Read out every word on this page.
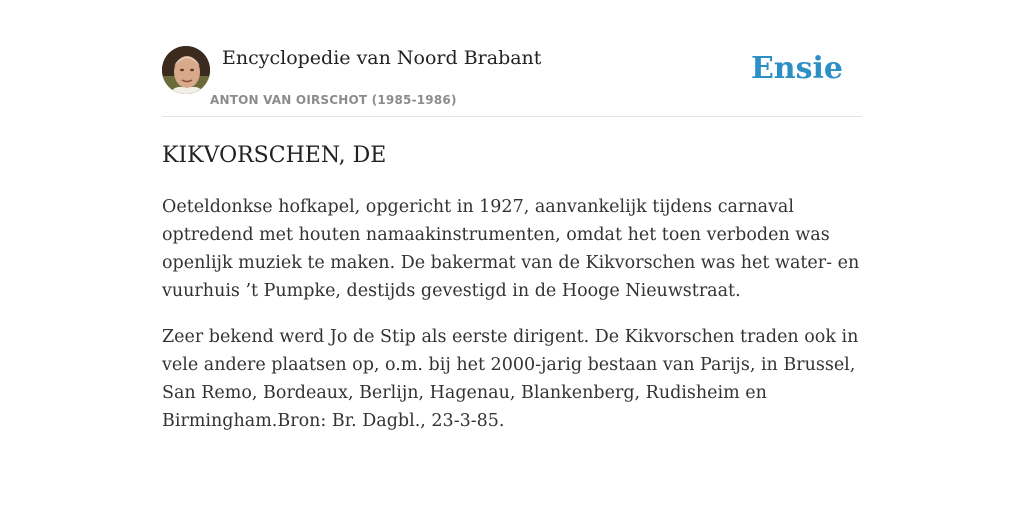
Encyclopedie van Noord Brabant
ANTON VAN OIRSCHOT (1985-1986)
Ensie
KIKVORSCHEN, DE

Oeteldonkse hofkapel, opgericht in 1927, aanvankelijk tijdens carnaval optredend met houten namaakinstrumenten, omdat het toen verboden was openlijk muziek te maken. De bakermat van de Kikvorschen was het water- en vuurhuis ’t Pumpke, destijds gevestigd in de Hooge Nieuwstraat.

Zeer bekend werd Jo de Stip als eerste dirigent. De Kikvorschen traden ook in vele andere plaatsen op, o.m. bij het 2000-jarig bestaan van Parijs, in Brussel, San Remo, Bordeaux, Berlijn, Hagenau, Blankenberg, Rudisheim en Birmingham.Bron: Br. Dagbl., 23-3-85.
